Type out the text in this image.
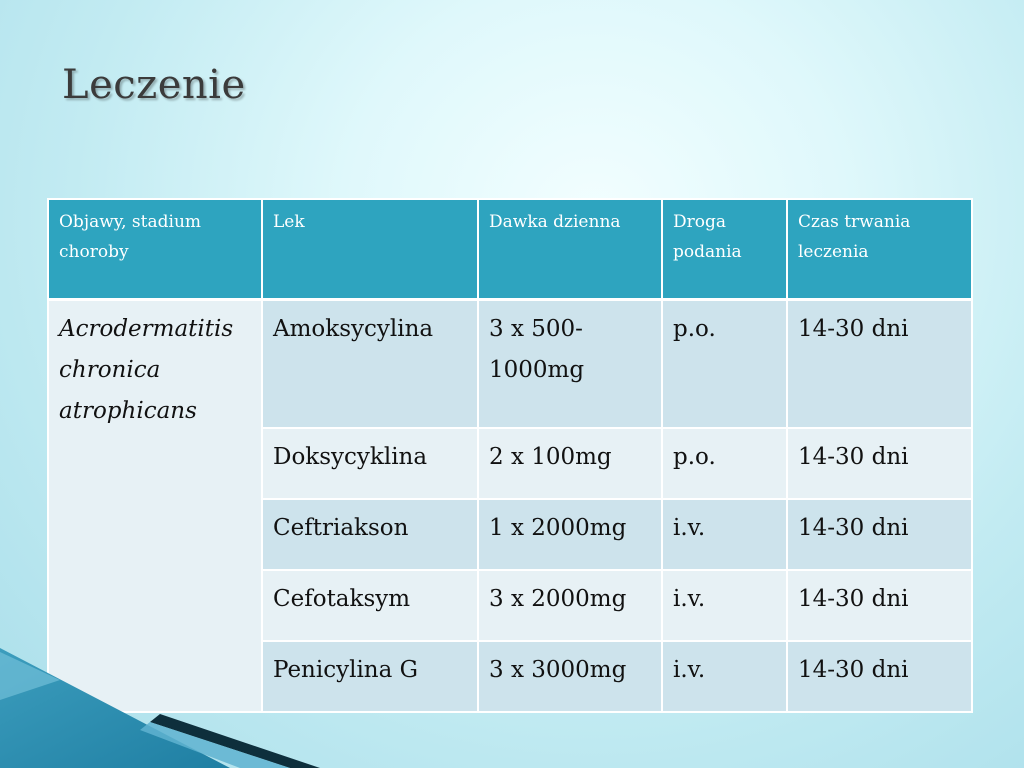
Leczenie
Objawy, stadium choroby	Lek	Dawka dzienna	Droga podania	Czas trwania leczenia
Acrodermatitis chronica atrophicans	Amoksycylina	3 x 500-1000mg	p.o.	14-30 dni
	Doksycyklina	2 x 100mg	p.o.	14-30 dni
	Ceftriakson	1 x 2000mg	i.v.	14-30 dni
	Cefotaksym	3 x 2000mg	i.v.	14-30 dni
	Penicylina G	3 x 3000mg	i.v.	14-30 dni
